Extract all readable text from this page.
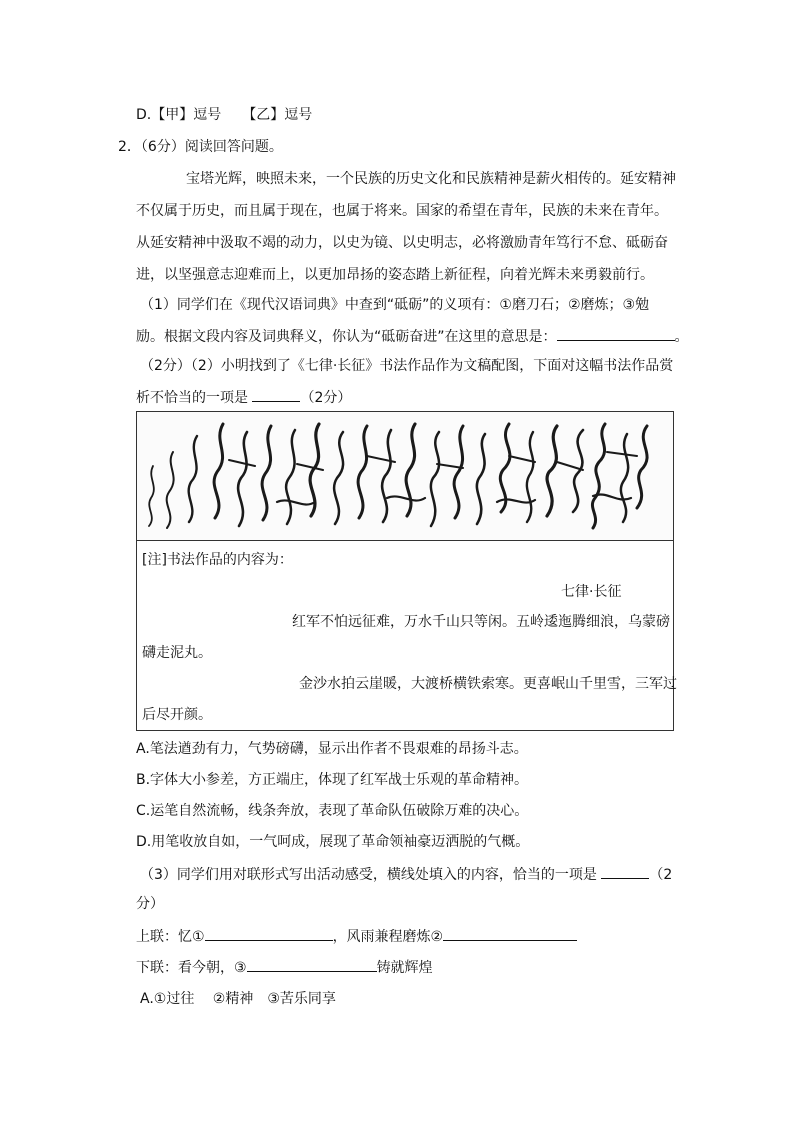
D.【甲】逗号　　【乙】逗号
2．（6分）阅读回答问题。
宝塔光辉，映照未来，一个民族的历史文化和民族精神是薪火相传的。延安精神
不仅属于历史，而且属于现在，也属于将来。国家的希望在青年，民族的未来在青年。
从延安精神中汲取不竭的动力，以史为镜、以史明志，必将激励青年笃行不怠、砥砺奋
进，以坚强意志迎难而上，以更加昂扬的姿态踏上新征程，向着光辉未来勇毅前行。
（1）同学们在《现代汉语词典》中查到“砥砺”的义项有：①磨刀石；②磨炼；③勉
励。根据文段内容及词典释义，你认为“砥砺奋进”在这里的意思是：	。
（2分）（2）小明找到了《七律·长征》书法作品作为文稿配图，下面对这幅书法作品赏
析不恰当的一项是	（2分）
[注]书法作品的内容为：
七律·长征
红军不怕远征难，万水千山只等闲。五岭逶迤腾细浪，乌蒙磅
礴走泥丸。
金沙水拍云崖暖，大渡桥横铁索寒。更喜岷山千里雪，三军过
后尽开颜。
A.笔法遒劲有力，气势磅礴，显示出作者不畏艰难的昂扬斗志。
B.字体大小参差，方正端庄，体现了红军战士乐观的革命精神。
C.运笔自然流畅，线条奔放，表现了革命队伍破除万难的决心。
D.用笔收放自如，一气呵成，展现了革命领袖豪迈洒脱的气概。
（3）同学们用对联形式写出活动感受，横线处填入的内容，恰当的一项是	（2
分）
上联：忆①	，风雨兼程磨炼②
下联：看今朝，③	铸就辉煌
A.①过往　 ②精神　③苦乐同享
